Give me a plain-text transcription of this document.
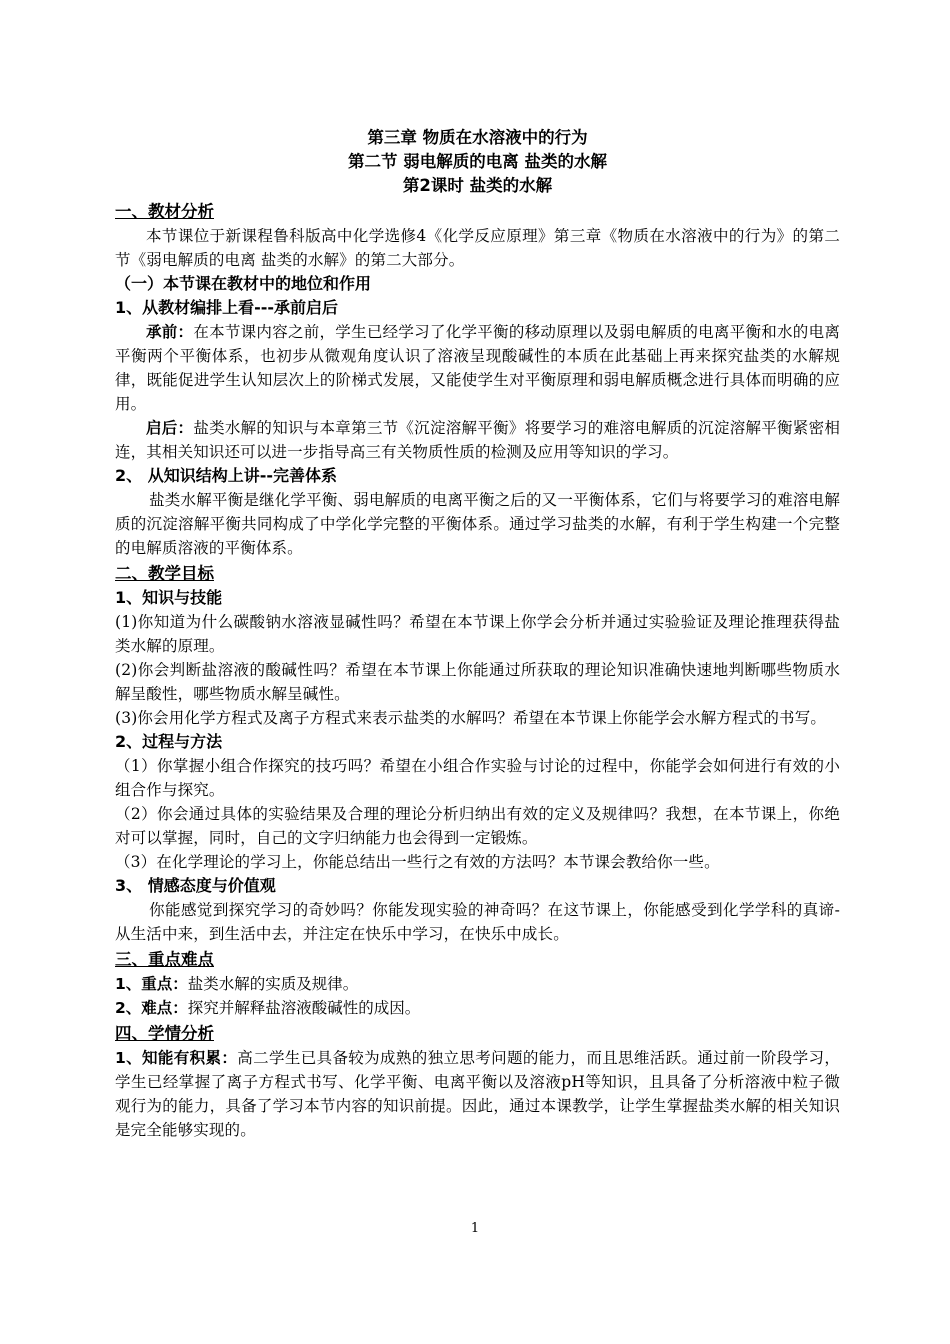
第三章 物质在水溶液中的行为
第二节 弱电解质的电离 盐类的水解
第2课时 盐类的水解
一、教材分析
本节课位于新课程鲁科版高中化学选修4《化学反应原理》第三章《物质在水溶液中的行为》的第二节《弱电解质的电离 盐类的水解》的第二大部分。
（一）本节课在教材中的地位和作用
1、从教材编排上看---承前启后
承前：在本节课内容之前，学生已经学习了化学平衡的移动原理以及弱电解质的电离平衡和水的电离平衡两个平衡体系，也初步从微观角度认识了溶液呈现酸碱性的本质在此基础上再来探究盐类的水解规律，既能促进学生认知层次上的阶梯式发展，又能使学生对平衡原理和弱电解质概念进行具体而明确的应用。
启后：盐类水解的知识与本章第三节《沉淀溶解平衡》将要学习的难溶电解质的沉淀溶解平衡紧密相连，其相关知识还可以进一步指导高三有关物质性质的检测及应用等知识的学习。
2、 从知识结构上讲--完善体系
盐类水解平衡是继化学平衡、弱电解质的电离平衡之后的又一平衡体系，它们与将要学习的难溶电解质的沉淀溶解平衡共同构成了中学化学完整的平衡体系。通过学习盐类的水解，有利于学生构建一个完整的电解质溶液的平衡体系。
二、教学目标
1、知识与技能
(1)你知道为什么碳酸钠水溶液显碱性吗？希望在本节课上你学会分析并通过实验验证及理论推理获得盐类水解的原理。
(2)你会判断盐溶液的酸碱性吗？希望在本节课上你能通过所获取的理论知识准确快速地判断哪些物质水解呈酸性，哪些物质水解呈碱性。
(3)你会用化学方程式及离子方程式来表示盐类的水解吗？希望在本节课上你能学会水解方程式的书写。
2、过程与方法
（1）你掌握小组合作探究的技巧吗？希望在小组合作实验与讨论的过程中，你能学会如何进行有效的小组合作与探究。
（2）你会通过具体的实验结果及合理的理论分析归纳出有效的定义及规律吗？我想，在本节课上，你绝对可以掌握，同时，自己的文字归纳能力也会得到一定锻炼。
（3）在化学理论的学习上，你能总结出一些行之有效的方法吗？本节课会教给你一些。
3、 情感态度与价值观
你能感觉到探究学习的奇妙吗？你能发现实验的神奇吗？在这节课上，你能感受到化学学科的真谛-从生活中来，到生活中去，并注定在快乐中学习，在快乐中成长。
三、重点难点
1、重点：盐类水解的实质及规律。
2、难点：探究并解释盐溶液酸碱性的成因。
四、学情分析
1、知能有积累：高二学生已具备较为成熟的独立思考问题的能力，而且思维活跃。通过前一阶段学习，学生已经掌握了离子方程式书写、化学平衡、电离平衡以及溶液pH等知识，且具备了分析溶液中粒子微观行为的能力，具备了学习本节内容的知识前提。因此，通过本课教学，让学生掌握盐类水解的相关知识是完全能够实现的。
1
